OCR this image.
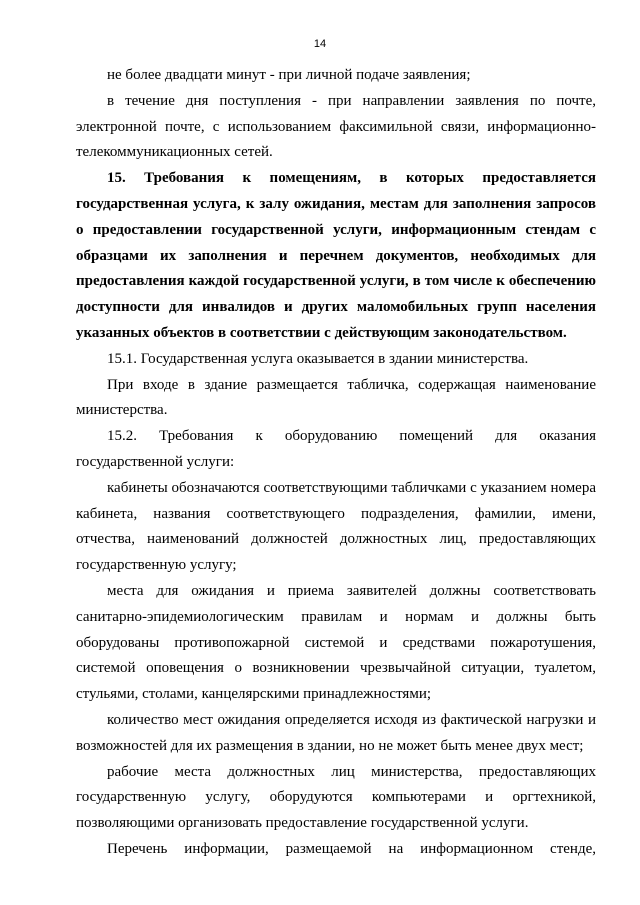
14

не более двадцати минут - при личной подаче заявления;

в течение дня поступления - при направлении заявления по почте, электронной почте, с использованием факсимильной связи, информационно-телекоммуникационных сетей.

15. Требования к помещениям, в которых предоставляется государственная услуга, к залу ожидания, местам для заполнения запросов о предоставлении государственной услуги, информационным стендам с образцами их заполнения и перечнем документов, необходимых для предоставления каждой государственной услуги, в том числе к обеспечению доступности для инвалидов и других маломобильных групп населения указанных объектов в соответствии с действующим законодательством.

15.1. Государственная услуга оказывается в здании министерства.

При входе в здание размещается табличка, содержащая наименование министерства.

15.2. Требования к оборудованию помещений для оказания государственной услуги:

кабинеты обозначаются соответствующими табличками с указанием номера кабинета, названия соответствующего подразделения, фамилии, имени, отчества, наименований должностей должностных лиц, предоставляющих государственную услугу;

места для ожидания и приема заявителей должны соответствовать санитарно-эпидемиологическим правилам и нормам и должны быть оборудованы противопожарной системой и средствами пожаротушения, системой оповещения о возникновении чрезвычайной ситуации, туалетом, стульями, столами, канцелярскими принадлежностями;

количество мест ожидания определяется исходя из фактической нагрузки и возможностей для их размещения в здании, но не может быть менее двух мест;

рабочие места должностных лиц министерства, предоставляющих государственную услугу, оборудуются компьютерами и оргтехникой, позволяющими организовать предоставление государственной услуги.

Перечень информации, размещаемой на информационном стенде,
